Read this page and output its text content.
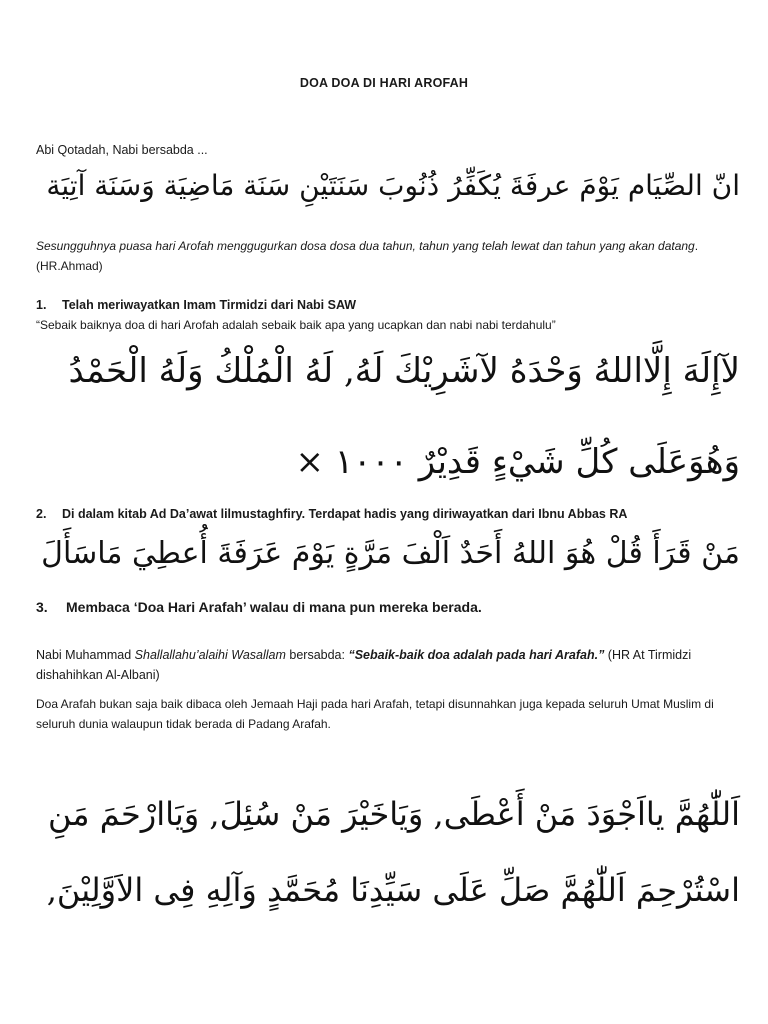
DOA DOA DI HARI AROFAH
Abi Qotadah, Nabi bersabda ...
انّ الصِّيَام يَوْمَ عرفَةَ يُكَفِّرُ ذُنُوبَ سَنَتَيْنِ سَنَة مَاضِيَة وَسَنَة آتِيَة
Sesungguhnya puasa hari Arofah menggugurkan dosa dosa dua tahun, tahun yang telah lewat dan tahun yang akan datang. (HR.Ahmad)
1. Telah meriwayatkan Imam Tirmidzi dari Nabi SAW
“Sebaik baiknya doa di hari Arofah adalah sebaik baik apa yang ucapkan dan nabi nabi terdahulu”
لآإِلَهَ إِلَّااللهُ وَحْدَهُ لآشَرِيْكَ لَهُ, لَهُ الْمُلْكُ وَلَهُ الْحَمْدُ
وَهُوَعَلَى كُلِّ شَيْءٍ قَدِيْرٌ ١٠٠٠ ×
2. Di dalam kitab Ad Da’awat lilmustaghfiry. Terdapat hadis yang diriwayatkan dari Ibnu Abbas RA
مَنْ قَرَأَ قُلْ هُوَ اللهُ أَحَدٌ اَلْفَ مَرَّةٍ يَوْمَ عَرَفَةَ أُعطِيَ مَاسَأَلَ
3. Membaca ‘Doa Hari Arafah’ walau di mana pun mereka berada.
Nabi Muhammad Shallallahu’alaihi Wasallam bersabda: “Sebaik-baik doa adalah pada hari Arafah.” (HR At Tirmidzi dishahihkan Al-Albani)
Doa Arafah bukan saja baik dibaca oleh Jemaah Haji pada hari Arafah, tetapi disunnahkan juga kepada seluruh Umat Muslim di seluruh dunia walaupun tidak berada di Padang Arafah.
اَللّٰهُمَّ يااَجْوَدَ مَنْ أَعْطَى, وَيَاخَيْرَ مَنْ سُئِلَ, وَيَاارْحَمَ مَنِ
اسْتُرْحِمَ اَللّٰهُمَّ صَلِّ عَلَى سَيِّدِنَا مُحَمَّدٍ وَآلِهِ فِى الاَوَّلِيْنَ,
